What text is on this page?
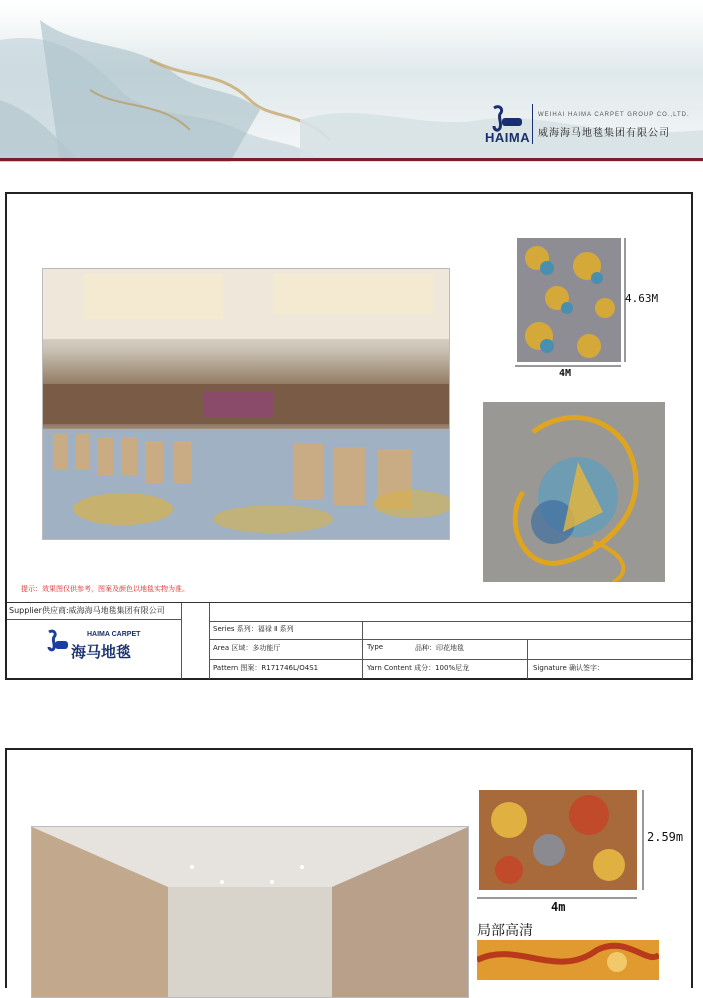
HAIMA
WEIHAI HAIMA CARPET GROUP CO.,LTD.
威海海马地毯集团有限公司
4.63M
4M
提示：效果图仅供参考，图案及颜色以地毯实物为准。
Supplier供应商:威海海马地毯集团有限公司
HAIMA CARPET
海马地毯
Series 系列：福禄 Ⅱ 系列
Area 区域：多功能厅	Type	品种：印花地毯
Pattern 图案：R171746L/O4S1	Yarn Content 成分：100%尼龙	Signature 确认签字：
2.59m
4m
局部高清
